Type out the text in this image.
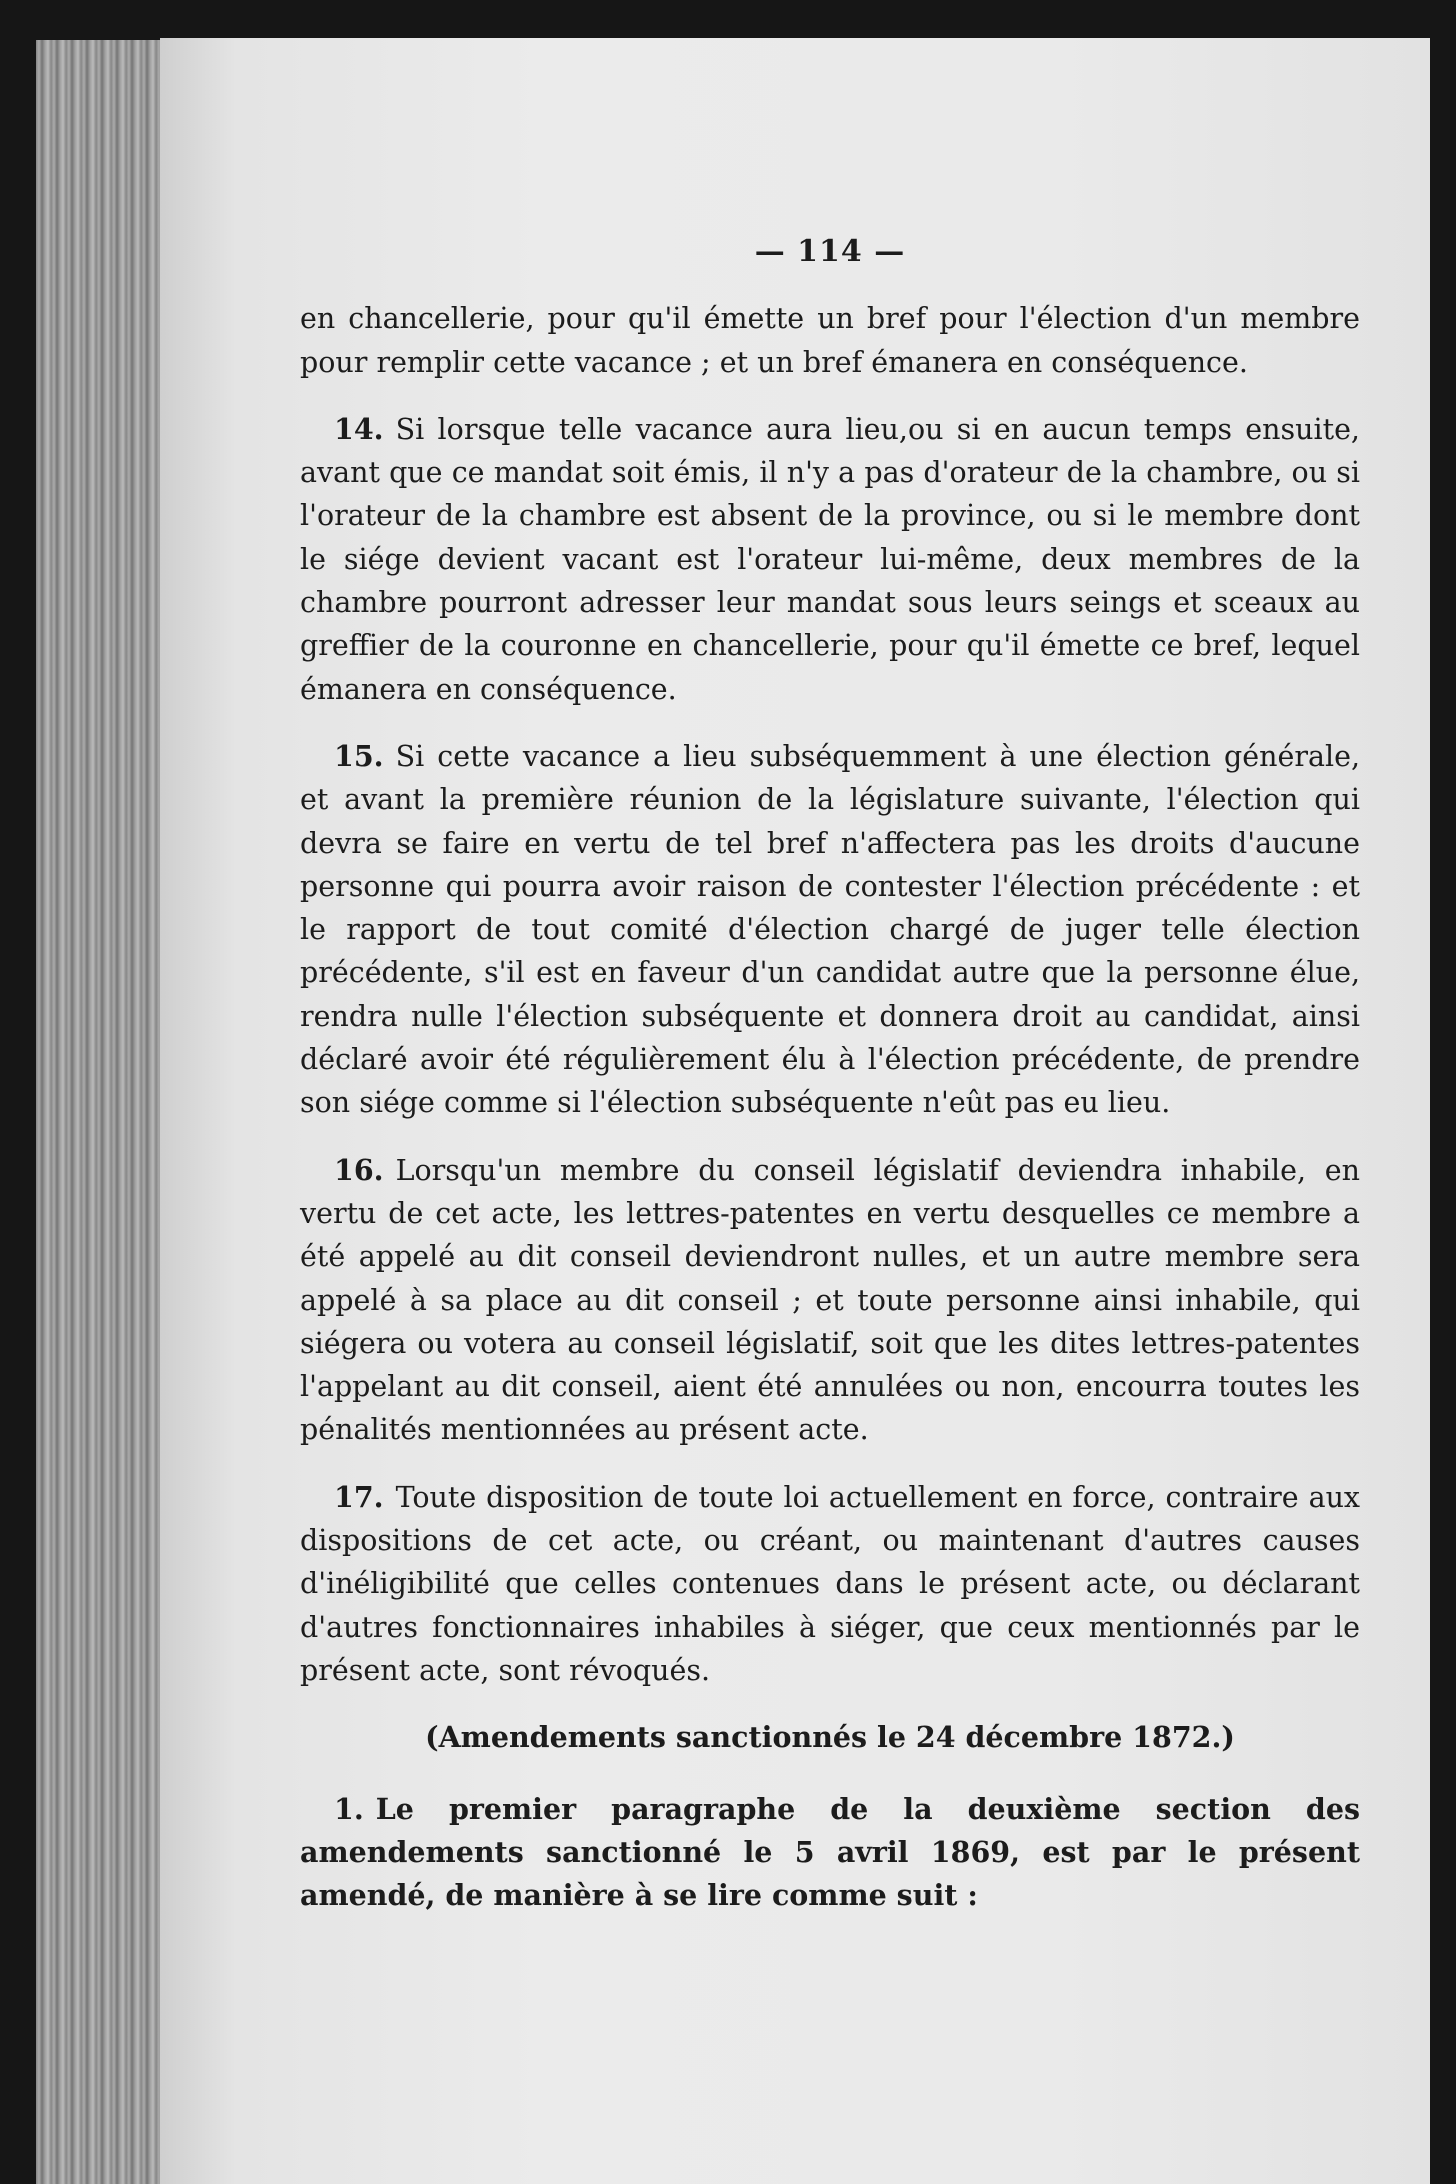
— 114 —

en chancellerie, pour qu'il émette un bref pour l'élection d'un membre pour remplir cette vacance ; et un bref émanera en conséquence.

14. Si lorsque telle vacance aura lieu,ou si en aucun temps ensuite, avant que ce mandat soit émis, il n'y a pas d'orateur de la chambre, ou si l'orateur de la chambre est absent de la province, ou si le membre dont le siége devient vacant est l'orateur lui-même, deux membres de la chambre pourront adresser leur mandat sous leurs seings et sceaux au greffier de la couronne en chancellerie, pour qu'il émette ce bref, lequel émanera en conséquence.

15. Si cette vacance a lieu subséquemment à une élection générale, et avant la première réunion de la législature suivante, l'élection qui devra se faire en vertu de tel bref n'affectera pas les droits d'aucune personne qui pourra avoir raison de contester l'élection précédente : et le rapport de tout comité d'élection chargé de juger telle élection précédente, s'il est en faveur d'un candidat autre que la personne élue, rendra nulle l'élection subséquente et donnera droit au candidat, ainsi déclaré avoir été régulièrement élu à l'élection précédente, de prendre son siége comme si l'élection subséquente n'eût pas eu lieu.

16. Lorsqu'un membre du conseil législatif deviendra inhabile, en vertu de cet acte, les lettres-patentes en vertu desquelles ce membre a été appelé au dit conseil deviendront nulles, et un autre membre sera appelé à sa place au dit conseil ; et toute personne ainsi inhabile, qui siégera ou votera au conseil législatif, soit que les dites lettres-patentes l'appelant au dit conseil, aient été annulées ou non, encourra toutes les pénalités mentionnées au présent acte.

17. Toute disposition de toute loi actuellement en force, contraire aux dispositions de cet acte, ou créant, ou maintenant d'autres causes d'inéligibilité que celles contenues dans le présent acte, ou déclarant d'autres fonctionnaires inhabiles à siéger, que ceux mentionnés par le présent acte, sont révoqués.

(Amendements sanctionnés le 24 décembre 1872.)

1. Le premier paragraphe de la deuxième section des amendements sanctionné le 5 avril 1869, est par le présent amendé, de manière à se lire comme suit :
